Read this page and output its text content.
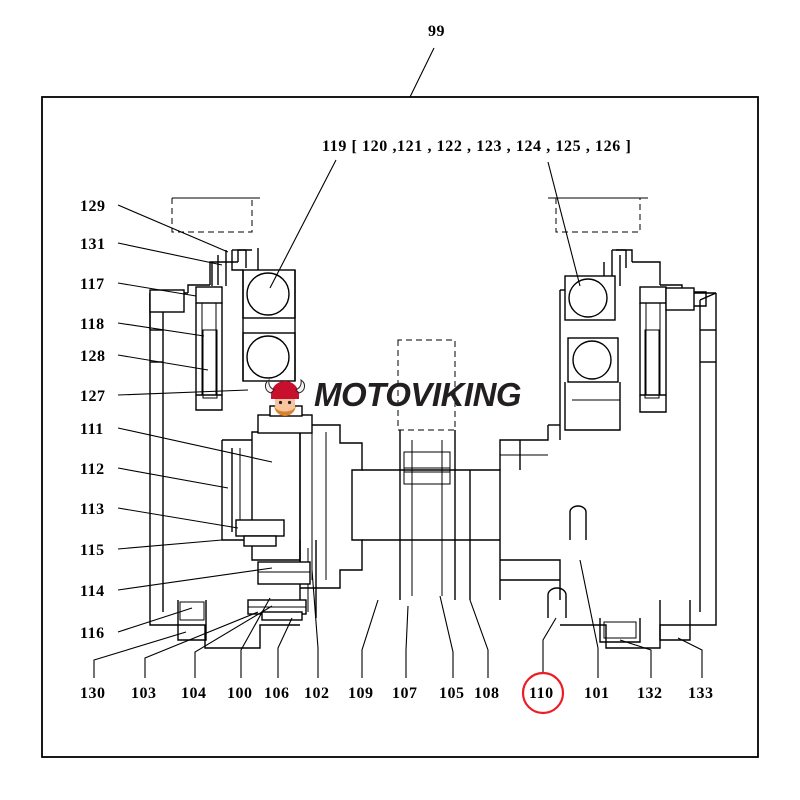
99
119 [ 120 ,121 , 122 , 123 , 124 , 125 , 126 ]
129
131
117
118
128
127
111
112
113
115
114
116
130 103 104 100 106 102 109 107 105 108 110 101 132 133
MOTOVIKING
